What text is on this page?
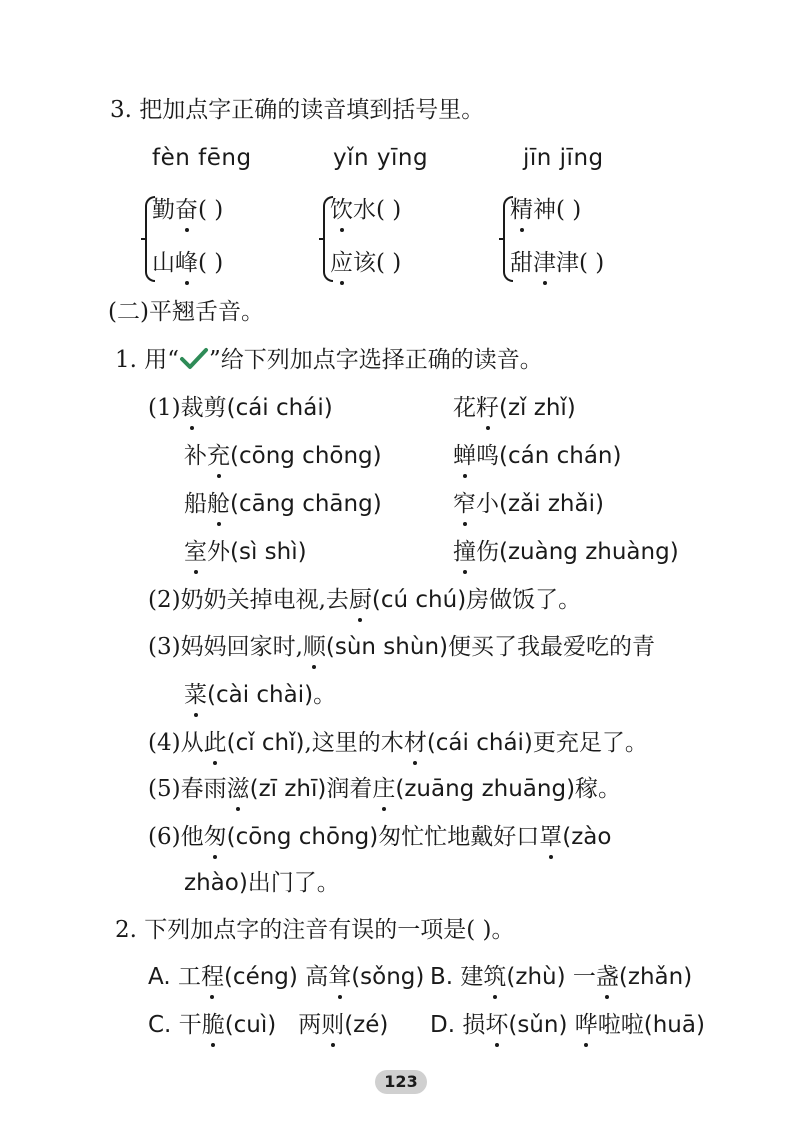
3. 把加点字正确的读音填到括号里。
fèn fēng	yǐn yīng	jīn jīng
勤奋( )
山峰( )
饮水( )
应该( )
精神( )
甜津津( )
(二)平翘舌音。
1. 用“ ”给下列加点字选择正确的读音。
(1)裁剪(cái chái)	花籽(zǐ zhǐ)
补充(cōng chōng)	蝉鸣(cán chán)
船舱(cāng chāng)	窄小(zǎi zhǎi)
室外(sì shì)	撞伤(zuàng zhuàng)
(2)奶奶关掉电视,去厨(cú chú)房做饭了。
(3)妈妈回家时,顺(sùn shùn)便买了我最爱吃的青
菜(cài chài)。
(4)从此(cǐ chǐ),这里的木材(cái chái)更充足了。
(5)春雨滋(zī zhī)润着庄(zuāng zhuāng)稼。
(6)他匆(cōng chōng)匆忙忙地戴好口罩(zào
zhào)出门了。
2. 下列加点字的注音有误的一项是( )。
A. 工程(céng) 高耸(sǒng) B. 建筑(zhù) 一盏(zhǎn)
C. 干脆(cuì) 两则(zé) D. 损坏(sǔn) 哗啦啦(huā)
123
